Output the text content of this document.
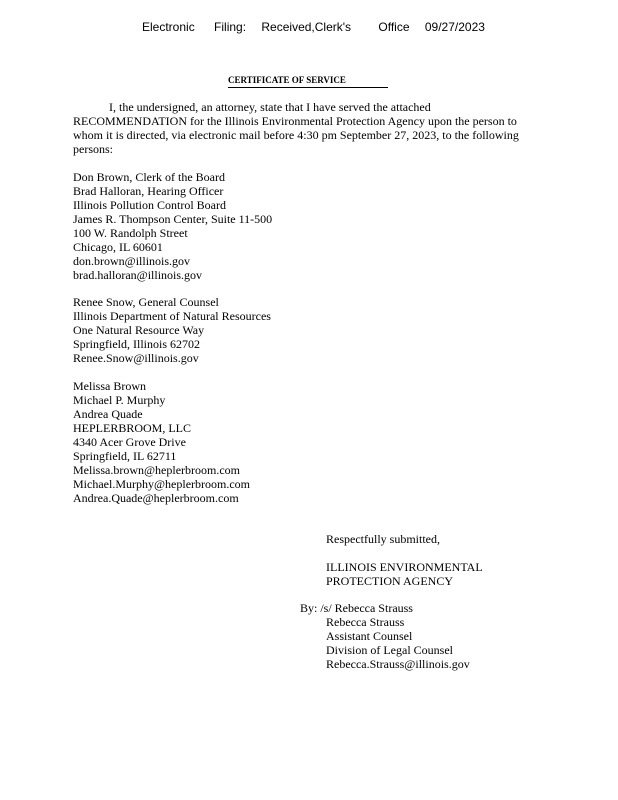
Electronic Filing: Received,Clerk's Office 09/27/2023
CERTIFICATE OF SERVICE
I, the undersigned, an attorney, state that I have served the attached
RECOMMENDATION for the Illinois Environmental Protection Agency upon the person to
whom it is directed, via electronic mail before 4:30 pm September 27, 2023, to the following
persons:
Don Brown, Clerk of the Board
Brad Halloran, Hearing Officer
Illinois Pollution Control Board
James R. Thompson Center, Suite 11-500
100 W. Randolph Street
Chicago, IL 60601
don.brown@illinois.gov
brad.halloran@illinois.gov
Renee Snow, General Counsel
Illinois Department of Natural Resources
One Natural Resource Way
Springfield, Illinois 62702
Renee.Snow@illinois.gov
Melissa Brown
Michael P. Murphy
Andrea Quade
HEPLERBROOM, LLC
4340 Acer Grove Drive
Springfield, IL 62711
Melissa.brown@heplerbroom.com
Michael.Murphy@heplerbroom.com
Andrea.Quade@heplerbroom.com
Respectfully submitted,
ILLINOIS ENVIRONMENTAL
PROTECTION AGENCY
By: /s/ Rebecca Strauss
Rebecca Strauss
Assistant Counsel
Division of Legal Counsel
Rebecca.Strauss@illinois.gov
